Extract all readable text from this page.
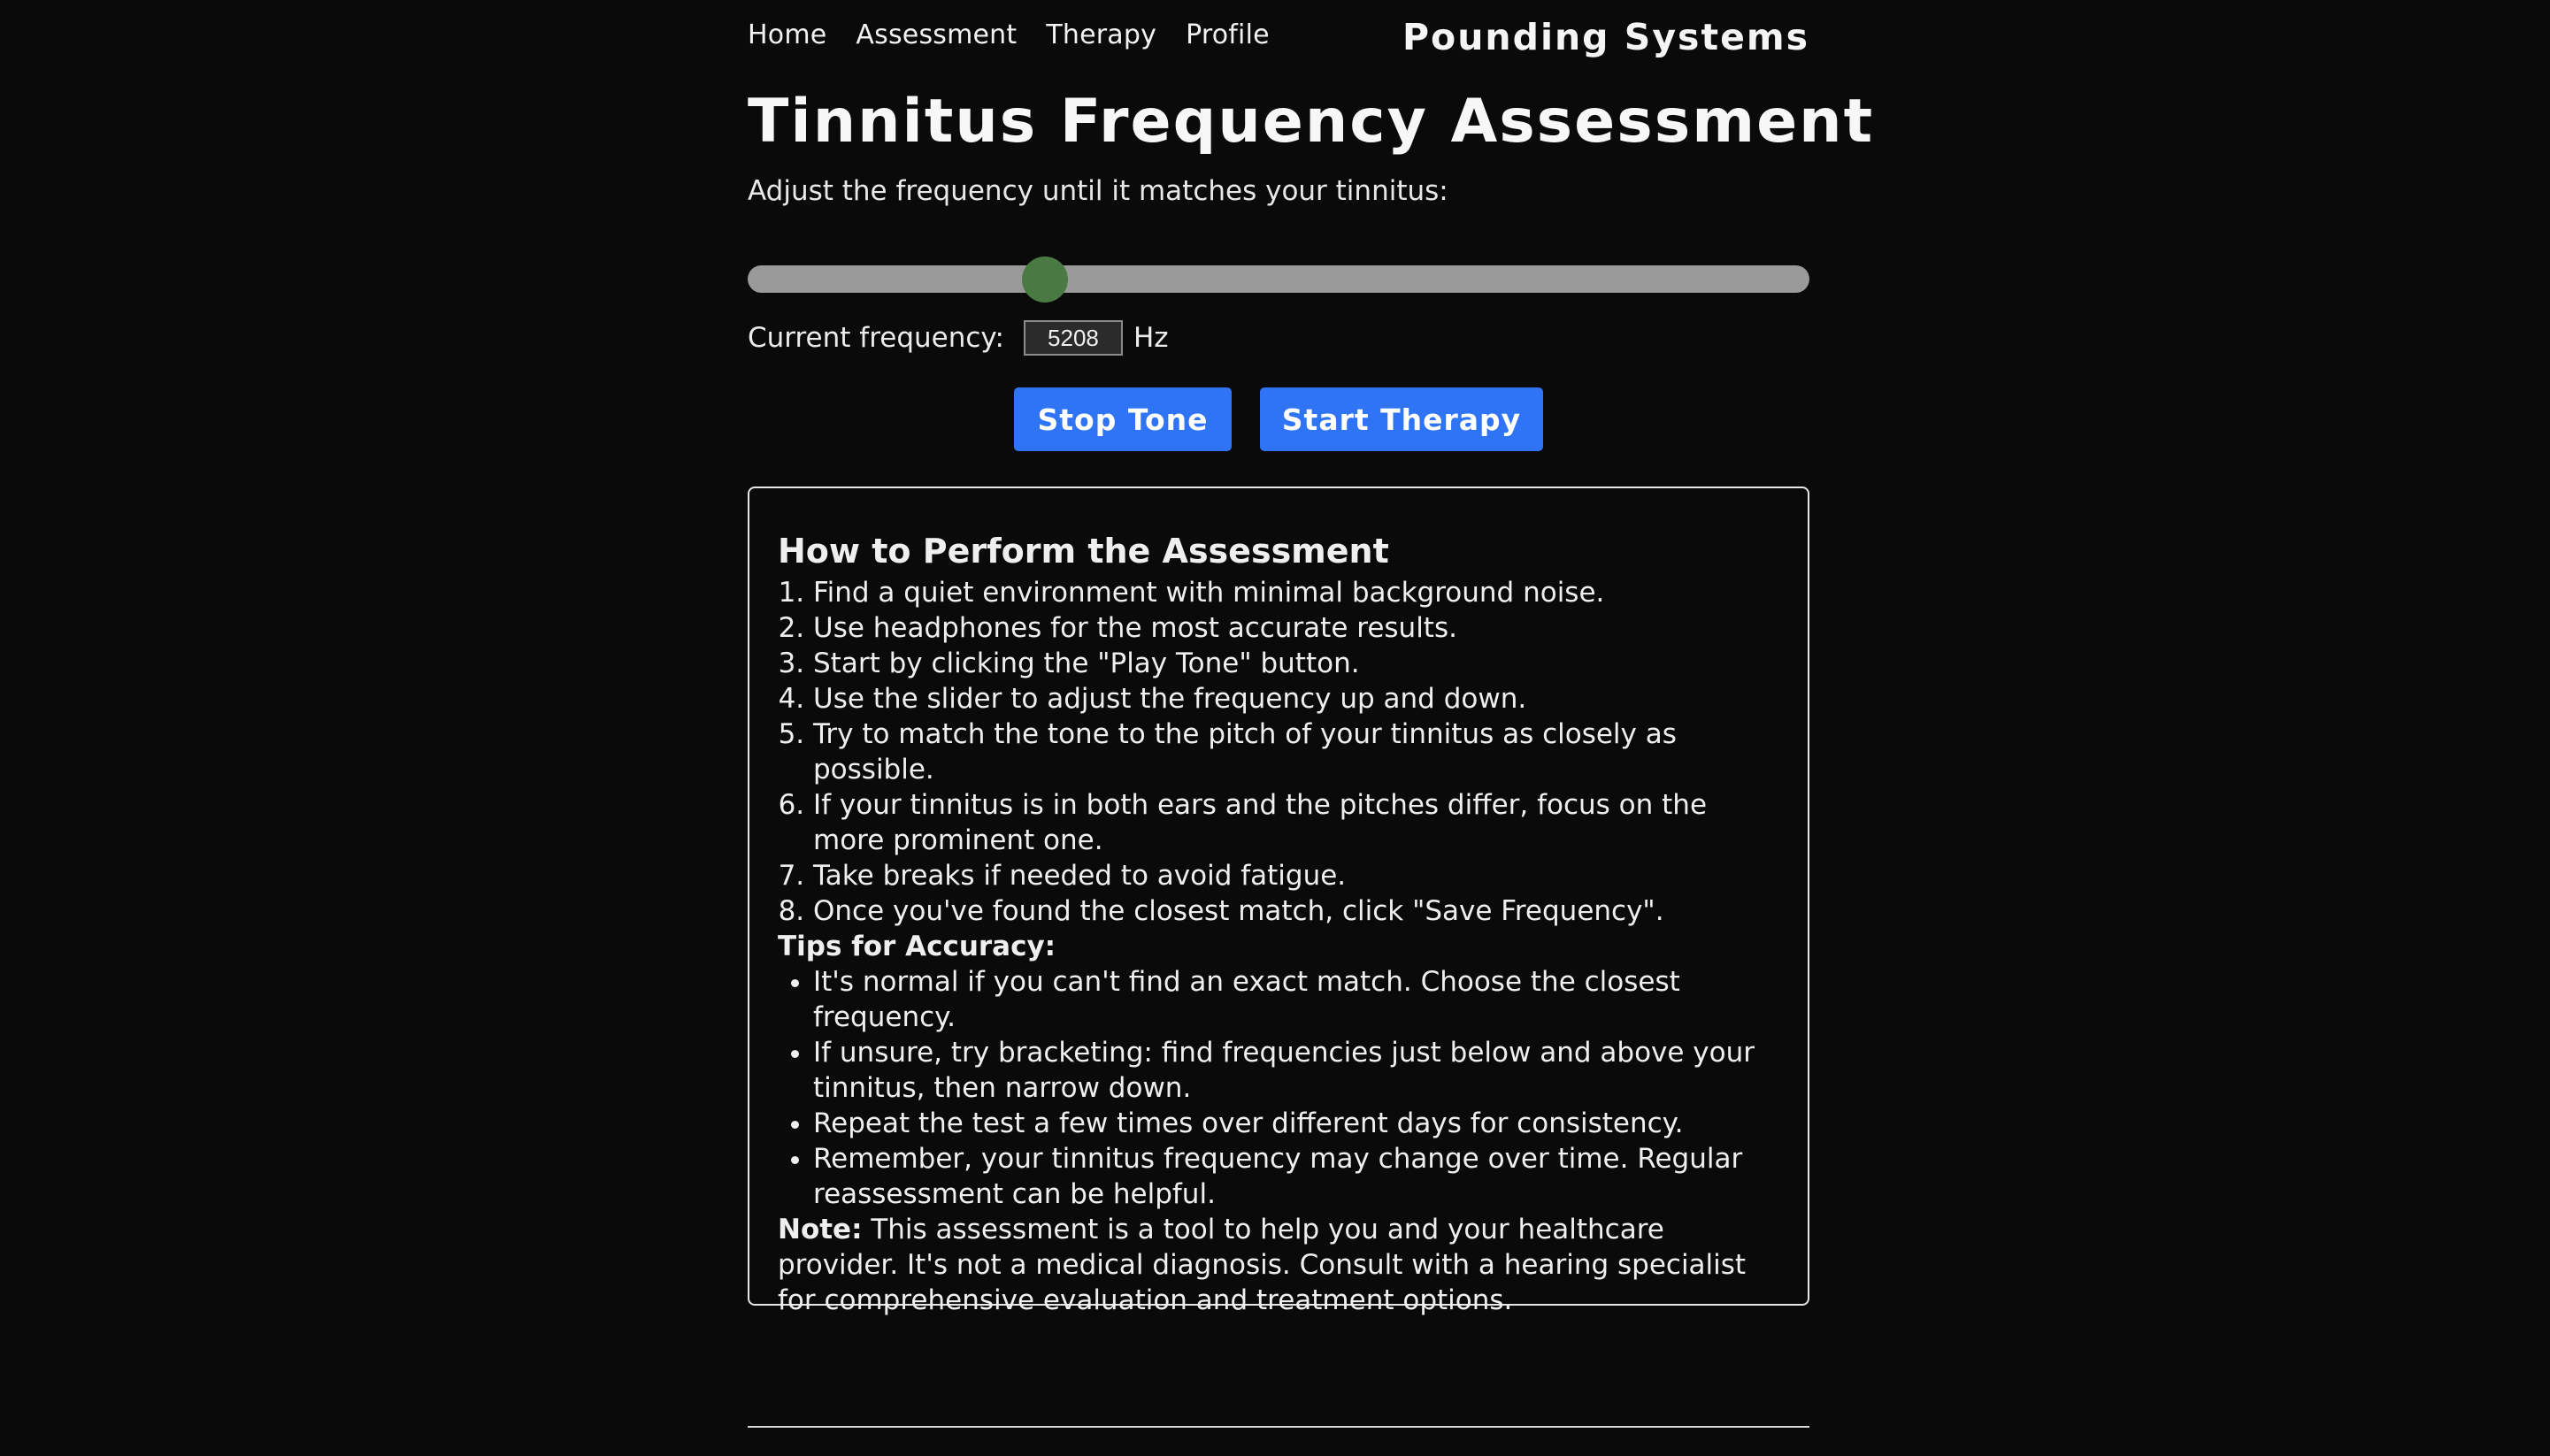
Home Assessment Therapy Profile	Pounding Systems
Tinnitus Frequency Assessment
Adjust the frequency until it matches your tinnitus:
Current frequency:
5208	Hz
Stop Tone	Start Therapy
How to Perform the Assessment
1. Find a quiet environment with minimal background noise.
2. Use headphones for the most accurate results.
3. Start by clicking the "Play Tone" button.
4. Use the slider to adjust the frequency up and down.
5. Try to match the tone to the pitch of your tinnitus as closely as possible.
6. If your tinnitus is in both ears and the pitches differ, focus on the more prominent one.
7. Take breaks if needed to avoid fatigue.
8. Once you've found the closest match, click "Save Frequency".
Tips for Accuracy:
• It's normal if you can't find an exact match. Choose the closest frequency.
• If unsure, try bracketing: find frequencies just below and above your tinnitus, then narrow down.
• Repeat the test a few times over different days for consistency.
• Remember, your tinnitus frequency may change over time. Regular reassessment can be helpful.
Note: This assessment is a tool to help you and your healthcare provider. It's not a medical diagnosis. Consult with a hearing specialist for comprehensive evaluation and treatment options.
